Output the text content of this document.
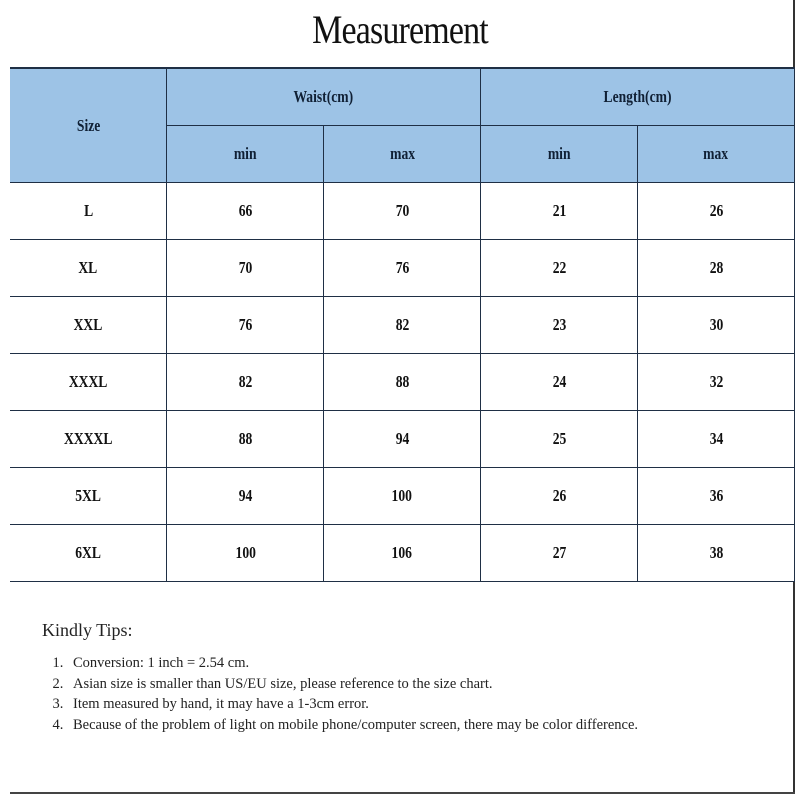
Measurement
Size	Waist(cm)		Length(cm)	
	min	max	min	max
L	66	70	21	26
XL	70	76	22	28
XXL	76	82	23	30
XXXL	82	88	24	32
XXXXL	88	94	25	34
5XL	94	100	26	36
6XL	100	106	27	38
Kindly Tips:
1. Conversion: 1 inch = 2.54 cm.
2. Asian size is smaller than US/EU size, please reference to the size chart.
3. Item measured by hand, it may have a 1-3cm error.
4. Because of the problem of light on mobile phone/computer screen, there may be color difference.
